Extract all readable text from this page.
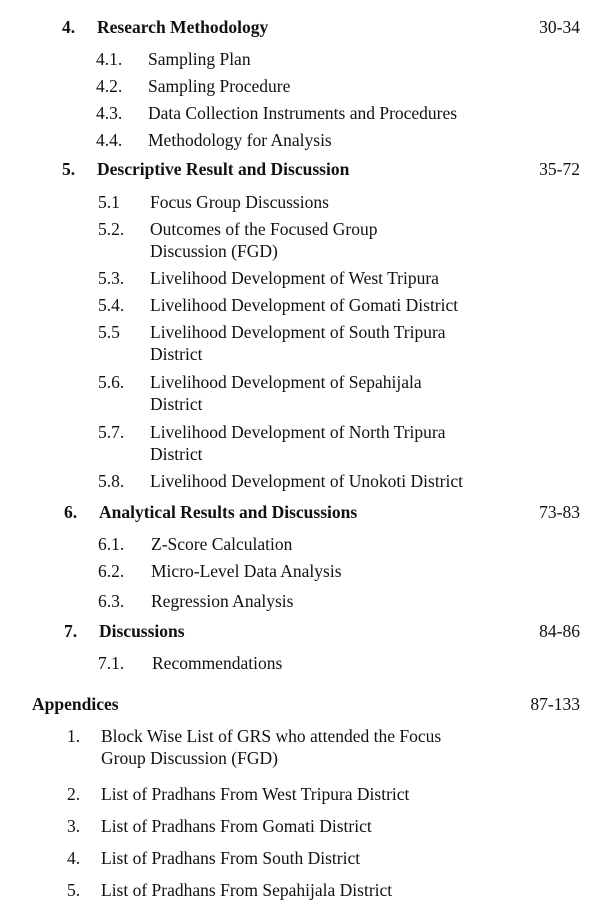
4. Research Methodology	30-34
4.1. Sampling Plan
4.2. Sampling Procedure
4.3. Data Collection Instruments and Procedures
4.4. Methodology for Analysis
5. Descriptive Result and Discussion	35-72
5.1 Focus Group Discussions
5.2. Outcomes of the Focused Group Discussion (FGD)
5.3. Livelihood Development of West Tripura
5.4. Livelihood Development of Gomati District
5.5 Livelihood Development of South Tripura District
5.6. Livelihood Development of Sepahijala District
5.7. Livelihood Development of North Tripura District
5.8. Livelihood Development of Unokoti District
6. Analytical Results and Discussions	73-83
6.1. Z-Score Calculation
6.2. Micro-Level Data Analysis
6.3. Regression Analysis
7. Discussions	84-86
7.1. Recommendations
Appendices	87-133
1. Block Wise List of GRS who attended the Focus Group Discussion (FGD)
2. List of Pradhans From West Tripura District
3. List of Pradhans From Gomati District
4. List of Pradhans From South District
5. List of Pradhans From Sepahijala District
